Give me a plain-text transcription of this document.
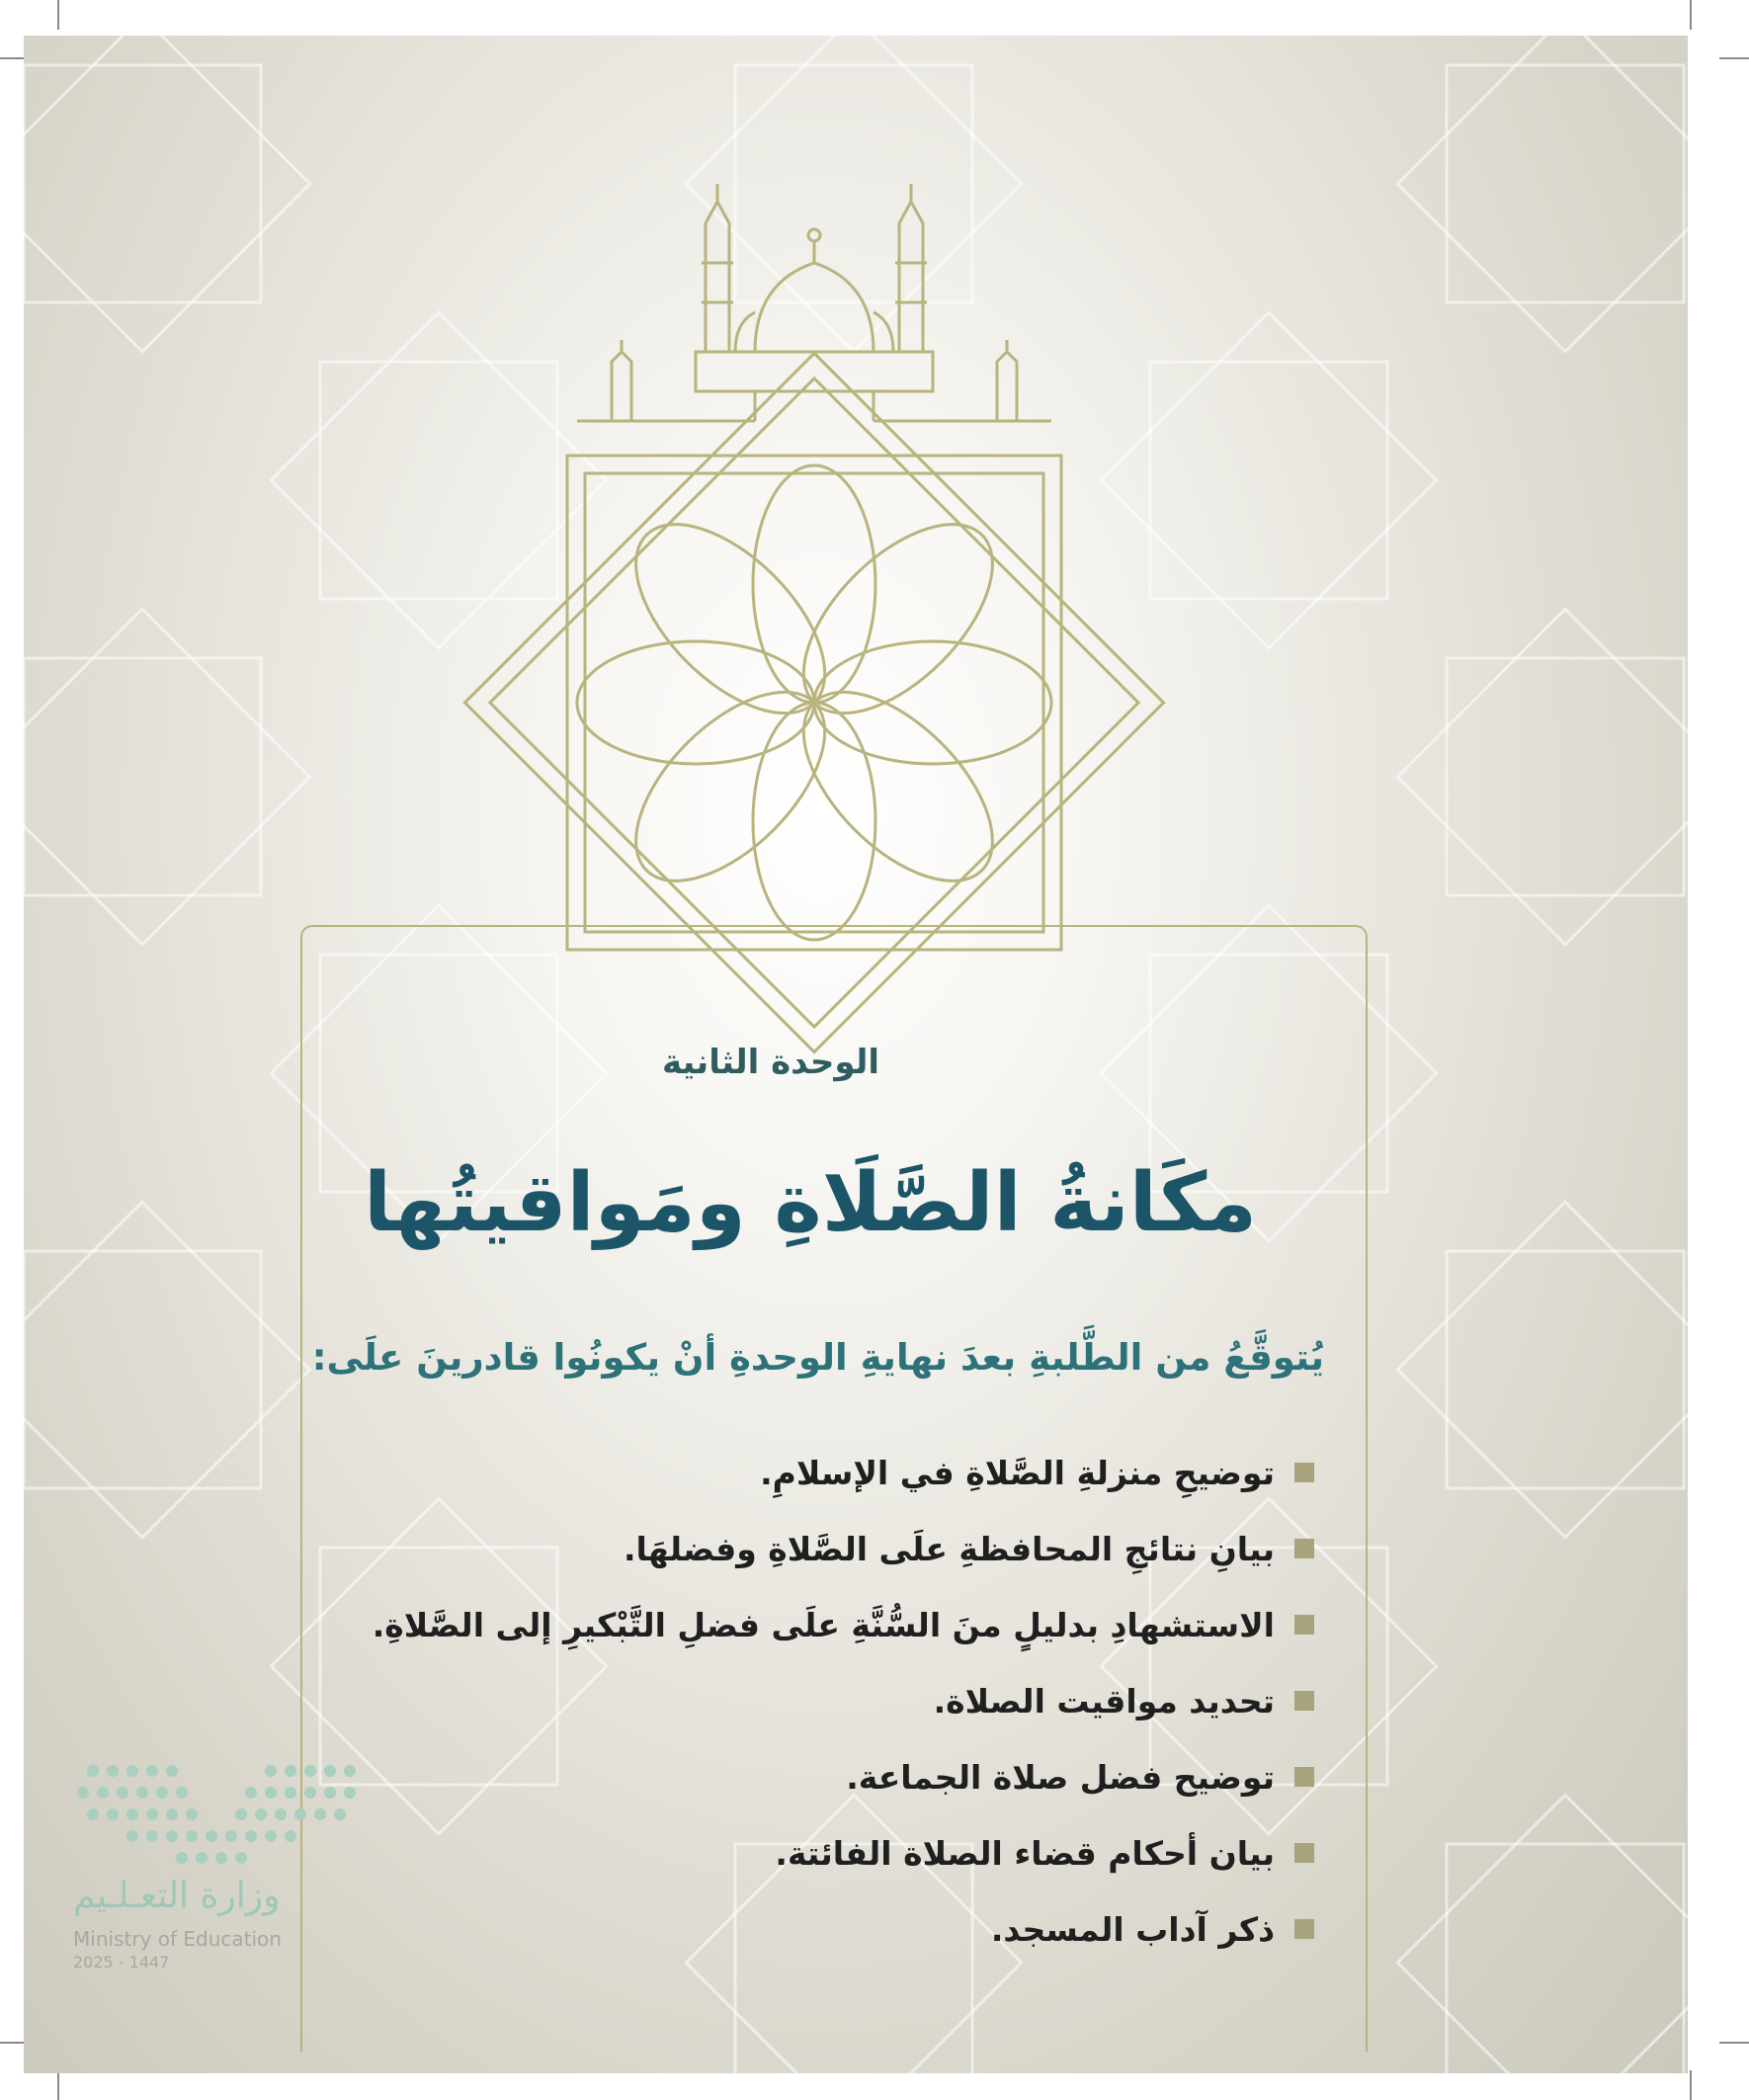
الوحدة الثانية
مكَانةُ الصَّلَاةِ ومَواقيتُها
يُتوقَّعُ من الطَّلبةِ بعدَ نهايةِ الوحدةِ أنْ يكونُوا قادرينَ علَى:
توضيحِ منزلةِ الصَّلاةِ في الإسلامِ.
بيانِ نتائجِ المحافظةِ علَى الصَّلاةِ وفضلهَا.
الاستشهادِ بدليلٍ منَ السُّنَّةِ علَى فضلِ التَّبْكيرِ إلى الصَّلاةِ.
تحديد مواقيت الصلاة.
توضيح فضل صلاة الجماعة.
بيان أحكام قضاء الصلاة الفائتة.
ذكر آداب المسجد.
وزارة التعـلـيم
Ministry of Education
2025 - 1447
